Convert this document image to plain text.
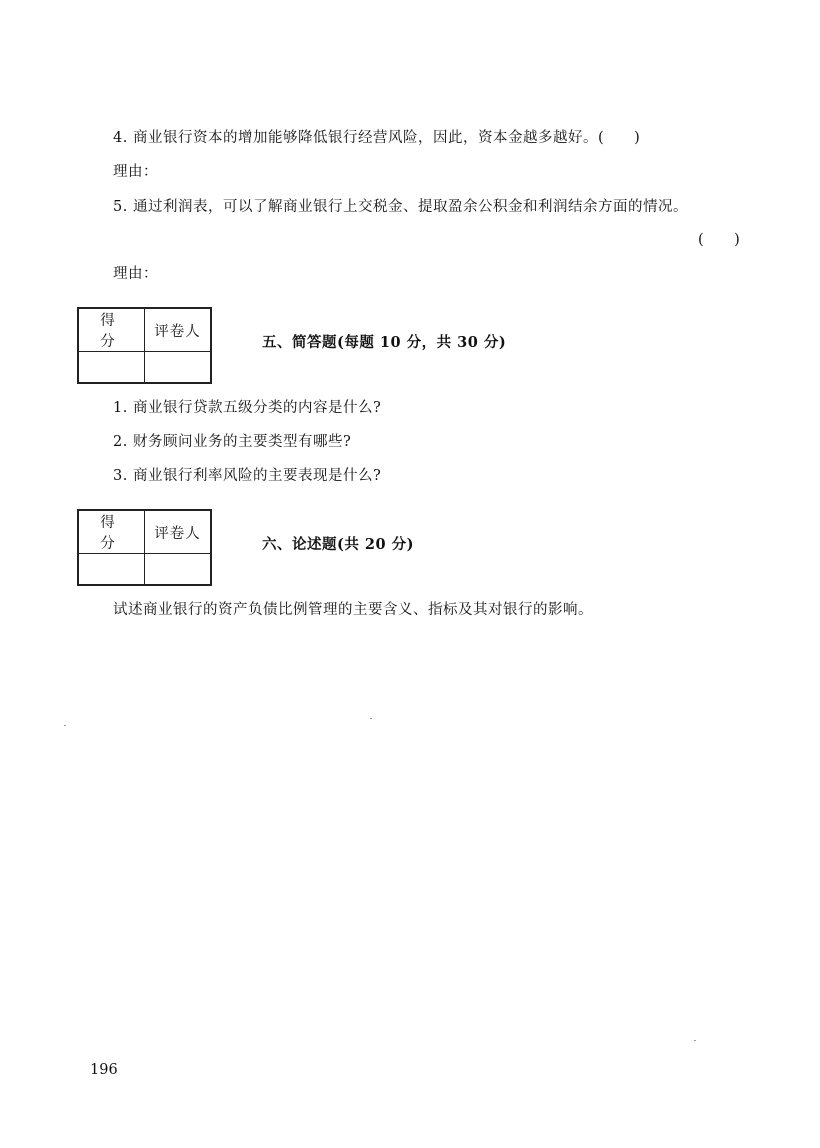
4. 商业银行资本的增加能够降低银行经营风险，因此，资本金越多越好。(　　)
理由：
5. 通过利润表，可以了解商业银行上交税金、提取盈余公积金和利润结余方面的情况。
(　　)
理由：
得　分	评卷人

五、简答题(每题 10 分，共 30 分)
1. 商业银行贷款五级分类的内容是什么?
2. 财务顾问业务的主要类型有哪些?
3. 商业银行利率风险的主要表现是什么?
得　分	评卷人

六、论述题(共 20 分)
试述商业银行的资产负债比例管理的主要含义、指标及其对银行的影响。
196
